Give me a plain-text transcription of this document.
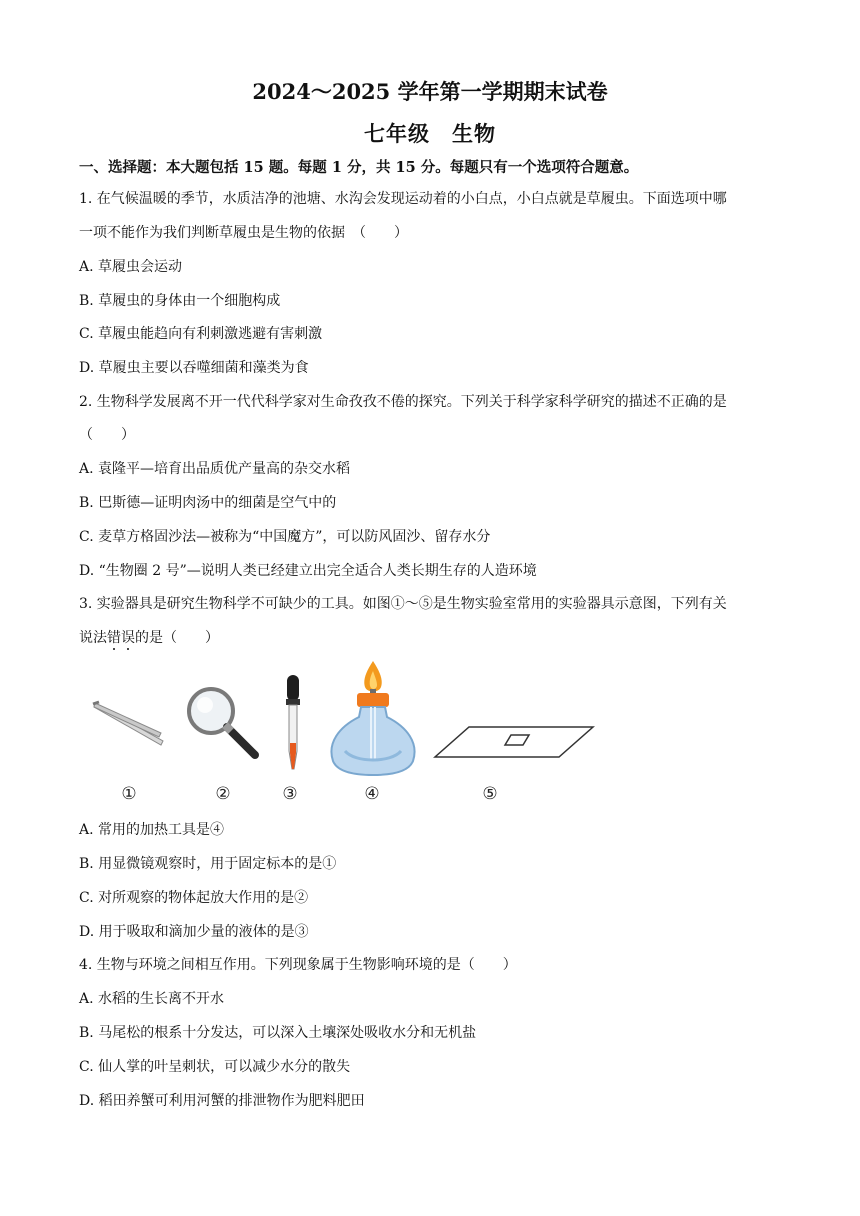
2024～2025 学年第一学期期末试卷
七年级　生物
一、选择题：本大题包括 15 题。每题 1 分，共 15 分。每题只有一个选项符合题意。
1. 在气候温暖的季节，水质洁净的池塘、水沟会发现运动着的小白点，小白点就是草履虫。下面选项中哪
一项不能作为我们判断草履虫是生物的依据　（　　）
A. 草履虫会运动
B. 草履虫的身体由一个细胞构成
C. 草履虫能趋向有利刺激逃避有害刺激
D. 草履虫主要以吞噬细菌和藻类为食
2. 生物科学发展离不开一代代科学家对生命孜孜不倦的探究。下列关于科学家科学研究的描述不正确的是
（　　）
A. 袁隆平—培育出品质优产量高的杂交水稻
B. 巴斯德—证明肉汤中的细菌是空气中的
C. 麦草方格固沙法—被称为“中国魔方”，可以防风固沙、留存水分
D. “生物圈 2 号”—说明人类已经建立出完全适合人类长期生存的人造环境
3. 实验器具是研究生物科学不可缺少的工具。如图①～⑤是生物实验室常用的实验器具示意图，下列有关
说法错误的是（　　）
①	②	③	④	⑤
A. 常用的加热工具是④
B. 用显微镜观察时，用于固定标本的是①
C. 对所观察的物体起放大作用的是②
D. 用于吸取和滴加少量的液体的是③
4. 生物与环境之间相互作用。下列现象属于生物影响环境的是（　　）
A. 水稻的生长离不开水
B. 马尾松的根系十分发达，可以深入土壤深处吸收水分和无机盐
C. 仙人掌的叶呈刺状，可以减少水分的散失
D. 稻田养蟹可利用河蟹的排泄物作为肥料肥田
